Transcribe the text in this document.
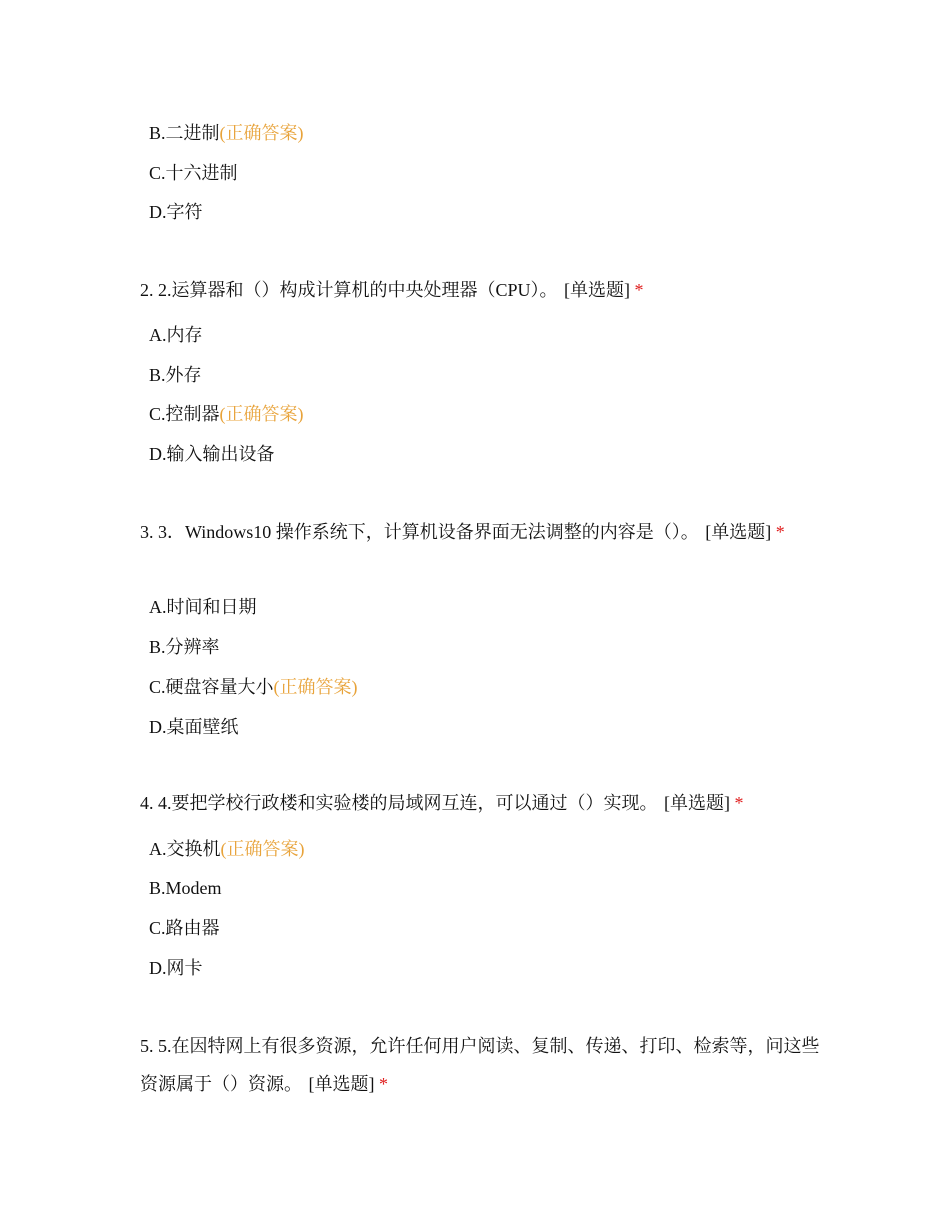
B.二进制(正确答案)
C.十六进制
D.字符
2. 2.运算器和（）构成计算机的中央处理器（CPU）。 [单选题] *
A.内存
B.外存
C.控制器(正确答案)
D.输入输出设备
3. 3．Windows10 操作系统下，计算机设备界面无法调整的内容是（）。 [单选题] *
A.时间和日期
B.分辨率
C.硬盘容量大小(正确答案)
D.桌面壁纸
4. 4.要把学校行政楼和实验楼的局域网互连，可以通过（）实现。 [单选题] *
A.交换机(正确答案)
B.Modem
C.路由器
D.网卡
5. 5.在因特网上有很多资源，允许任何用户阅读、复制、传递、打印、检索等，问这些资源属于（）资源。 [单选题] *
